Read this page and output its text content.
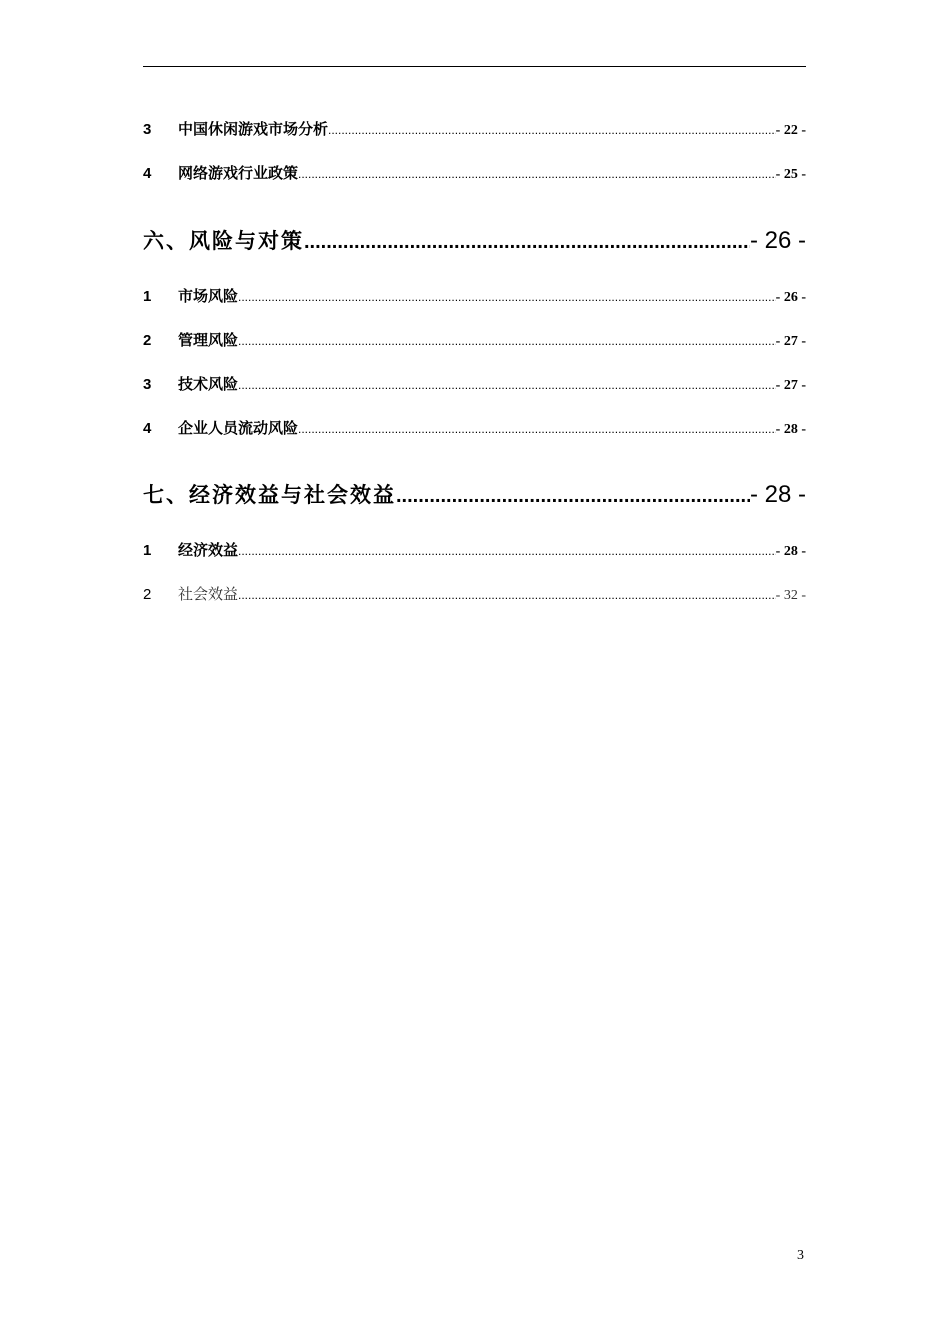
3	中国休闲游戏市场分析 .....	- 22 -
4	网络游戏行业政策 .....	- 25 -
六、风险与对策 .....	- 26 -
1	市场风险 .....	- 26 -
2	管理风险 .....	- 27 -
3	技术风险 .....	- 27 -
4	企业人员流动风险 .....	- 28 -
七、经济效益与社会效益 .....	- 28 -
1	经济效益 .....	- 28 -
2	社会效益 .....	- 32 -
3
